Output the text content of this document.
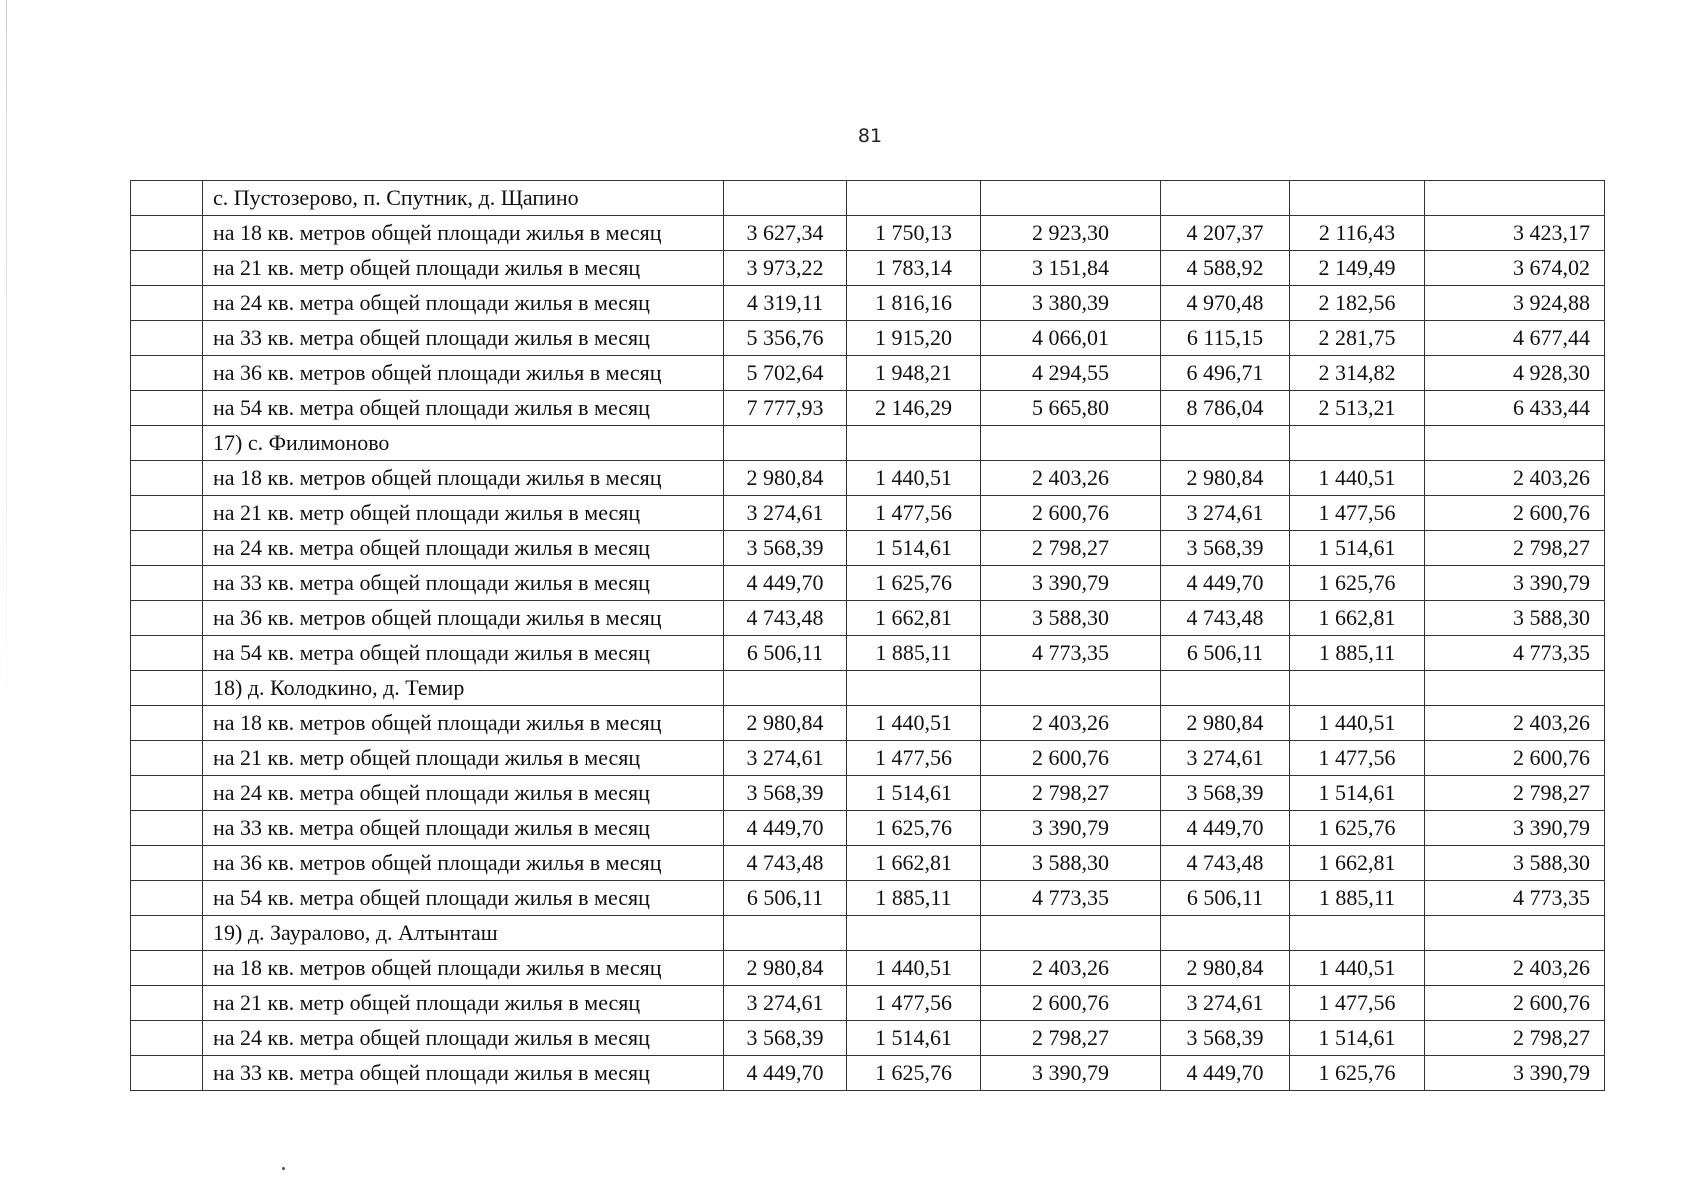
81
	с. Пустозерово, п. Спутник, д. Щапино						
	на 18 кв. метров общей площади жилья в месяц	3 627,34	1 750,13	2 923,30	4 207,37	2 116,43	3 423,17
	на 21 кв. метр общей площади жилья в месяц	3 973,22	1 783,14	3 151,84	4 588,92	2 149,49	3 674,02
	на 24 кв. метра общей площади жилья в месяц	4 319,11	1 816,16	3 380,39	4 970,48	2 182,56	3 924,88
	на 33 кв. метра общей площади жилья в месяц	5 356,76	1 915,20	4 066,01	6 115,15	2 281,75	4 677,44
	на 36 кв. метров общей площади жилья в месяц	5 702,64	1 948,21	4 294,55	6 496,71	2 314,82	4 928,30
	на 54 кв. метра общей площади жилья в месяц	7 777,93	2 146,29	5 665,80	8 786,04	2 513,21	6 433,44
	17) с. Филимоново						
	на 18 кв. метров общей площади жилья в месяц	2 980,84	1 440,51	2 403,26	2 980,84	1 440,51	2 403,26
	на 21 кв. метр общей площади жилья в месяц	3 274,61	1 477,56	2 600,76	3 274,61	1 477,56	2 600,76
	на 24 кв. метра общей площади жилья в месяц	3 568,39	1 514,61	2 798,27	3 568,39	1 514,61	2 798,27
	на 33 кв. метра общей площади жилья в месяц	4 449,70	1 625,76	3 390,79	4 449,70	1 625,76	3 390,79
	на 36 кв. метров общей площади жилья в месяц	4 743,48	1 662,81	3 588,30	4 743,48	1 662,81	3 588,30
	на 54 кв. метра общей площади жилья в месяц	6 506,11	1 885,11	4 773,35	6 506,11	1 885,11	4 773,35
	18) д. Колодкино, д. Темир						
	на 18 кв. метров общей площади жилья в месяц	2 980,84	1 440,51	2 403,26	2 980,84	1 440,51	2 403,26
	на 21 кв. метр общей площади жилья в месяц	3 274,61	1 477,56	2 600,76	3 274,61	1 477,56	2 600,76
	на 24 кв. метра общей площади жилья в месяц	3 568,39	1 514,61	2 798,27	3 568,39	1 514,61	2 798,27
	на 33 кв. метра общей площади жилья в месяц	4 449,70	1 625,76	3 390,79	4 449,70	1 625,76	3 390,79
	на 36 кв. метров общей площади жилья в месяц	4 743,48	1 662,81	3 588,30	4 743,48	1 662,81	3 588,30
	на 54 кв. метра общей площади жилья в месяц	6 506,11	1 885,11	4 773,35	6 506,11	1 885,11	4 773,35
	19) д. Зауралово, д. Алтынташ						
	на 18 кв. метров общей площади жилья в месяц	2 980,84	1 440,51	2 403,26	2 980,84	1 440,51	2 403,26
	на 21 кв. метр общей площади жилья в месяц	3 274,61	1 477,56	2 600,76	3 274,61	1 477,56	2 600,76
	на 24 кв. метра общей площади жилья в месяц	3 568,39	1 514,61	2 798,27	3 568,39	1 514,61	2 798,27
	на 33 кв. метра общей площади жилья в месяц	4 449,70	1 625,76	3 390,79	4 449,70	1 625,76	3 390,79
